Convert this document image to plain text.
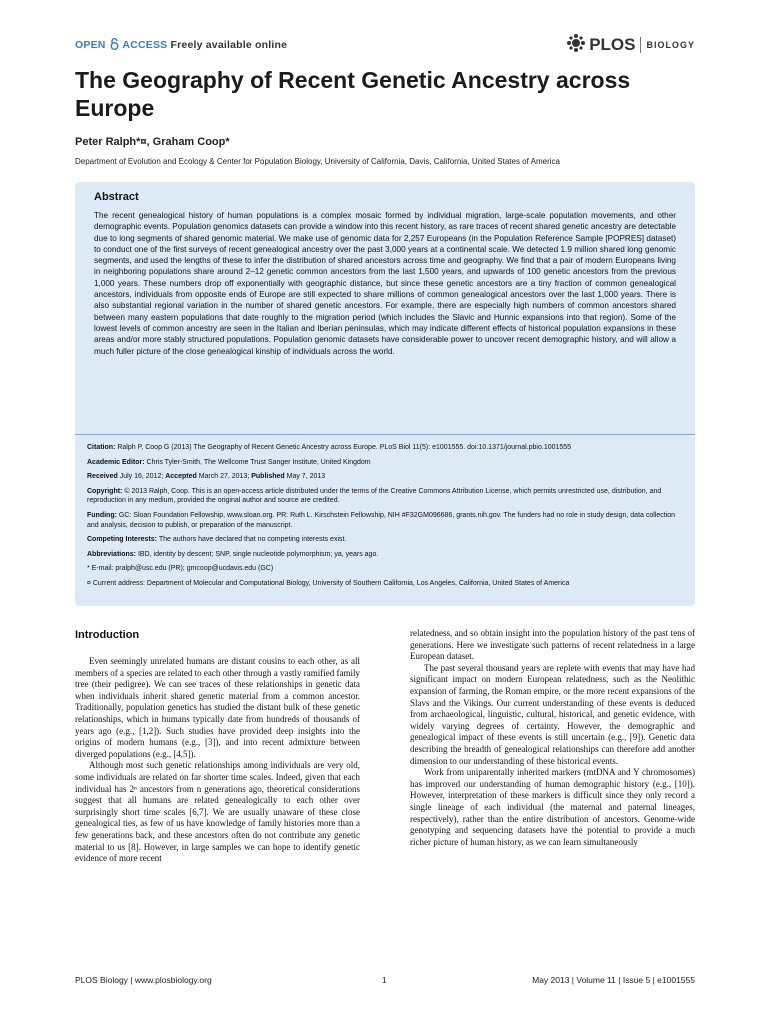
OPEN ACCESS Freely available online	PLOS BIOLOGY
The Geography of Recent Genetic Ancestry across Europe
Peter Ralph*¤, Graham Coop*
Department of Evolution and Ecology & Center for Population Biology, University of California, Davis, California, United States of America
Abstract

The recent genealogical history of human populations is a complex mosaic formed by individual migration, large-scale population movements, and other demographic events. Population genomics datasets can provide a window into this recent history, as rare traces of recent shared genetic ancestry are detectable due to long segments of shared genomic material. We make use of genomic data for 2,257 Europeans (in the Population Reference Sample [POPRES] dataset) to conduct one of the first surveys of recent genealogical ancestry over the past 3,000 years at a continental scale. We detected 1.9 million shared long genomic segments, and used the lengths of these to infer the distribution of shared ancestors across time and geography. We find that a pair of modern Europeans living in neighboring populations share around 2–12 genetic common ancestors from the last 1,500 years, and upwards of 100 genetic ancestors from the previous 1,000 years. These numbers drop off exponentially with geographic distance, but since these genetic ancestors are a tiny fraction of common genealogical ancestors, individuals from opposite ends of Europe are still expected to share millions of common genealogical ancestors over the last 1,000 years. There is also substantial regional variation in the number of shared genetic ancestors. For example, there are especially high numbers of common ancestors shared between many eastern populations that date roughly to the migration period (which includes the Slavic and Hunnic expansions into that region). Some of the lowest levels of common ancestry are seen in the Italian and Iberian peninsulas, which may indicate different effects of historical population expansions in these areas and/or more stably structured populations. Population genomic datasets have considerable power to uncover recent demographic history, and will allow a much fuller picture of the close genealogical kinship of individuals across the world.

Citation: Ralph P, Coop G (2013) The Geography of Recent Genetic Ancestry across Europe. PLoS Biol 11(5): e1001555. doi:10.1371/journal.pbio.1001555

Academic Editor: Chris Tyler-Smith, The Wellcome Trust Sanger Institute, United Kingdom

Received July 16, 2012; Accepted March 27, 2013; Published May 7, 2013

Copyright: © 2013 Ralph, Coop. This is an open-access article distributed under the terms of the Creative Commons Attribution License, which permits unrestricted use, distribution, and reproduction in any medium, provided the original author and source are credited.

Funding: GC: Sloan Foundation Fellowship, www.sloan.org. PR: Ruth L. Kirschstein Fellowship, NIH #F32GM096686, grants.nih.gov. The funders had no role in study design, data collection and analysis, decision to publish, or preparation of the manuscript.

Competing Interests: The authors have declared that no competing interests exist.

Abbreviations: IBD, identity by descent; SNP, single nucleotide polymorphism; ya, years ago.

* E-mail: pralph@usc.edu (PR); gmcoop@ucdavis.edu (GC)

¤ Current address: Department of Molecular and Computational Biology, University of Southern California, Los Angeles, California, United States of America

Introduction

Even seemingly unrelated humans are distant cousins to each other, as all members of a species are related to each other through a vastly ramified family tree (their pedigree). We can see traces of these relationships in genetic data when individuals inherit shared genetic material from a common ancestor. Traditionally, population genetics has studied the distant bulk of these genetic relationships, which in humans typically date from hundreds of thousands of years ago (e.g., [1,2]). Such studies have provided deep insights into the origins of modern humans (e.g., [3]), and into recent admixture between diverged populations (e.g., [4,5]).

Although most such genetic relationships among individuals are very old, some individuals are related on far shorter time scales. Indeed, given that each individual has 2ⁿ ancestors from n generations ago, theoretical considerations suggest that all humans are related genealogically to each other over surprisingly short time scales [6,7]. We are usually unaware of these close genealogical ties, as few of us have knowledge of family histories more than a few generations back, and these ancestors often do not contribute any genetic material to us [8]. However, in large samples we can hope to identify genetic evidence of more recent

relatedness, and so obtain insight into the population history of the past tens of generations. Here we investigate such patterns of recent relatedness in a large European dataset.

The past several thousand years are replete with events that may have had significant impact on modern European relatedness, such as the Neolithic expansion of farming, the Roman empire, or the more recent expansions of the Slavs and the Vikings. Our current understanding of these events is deduced from archaeological, linguistic, cultural, historical, and genetic evidence, with widely varying degrees of certainty. However, the demographic and genealogical impact of these events is still uncertain (e.g., [9]). Genetic data describing the breadth of genealogical relationships can therefore add another dimension to our understanding of these historical events.

Work from uniparentally inherited markers (mtDNA and Y chromosomes) has improved our understanding of human demographic history (e.g., [10]). However, interpretation of these markers is difficult since they only record a single lineage of each individual (the maternal and paternal lineages, respectively), rather than the entire distribution of ancestors. Genome-wide genotyping and sequencing datasets have the potential to provide a much richer picture of human history, as we can learn simultaneously

PLOS Biology | www.plosbiology.org	1	May 2013 | Volume 11 | Issue 5 | e1001555
